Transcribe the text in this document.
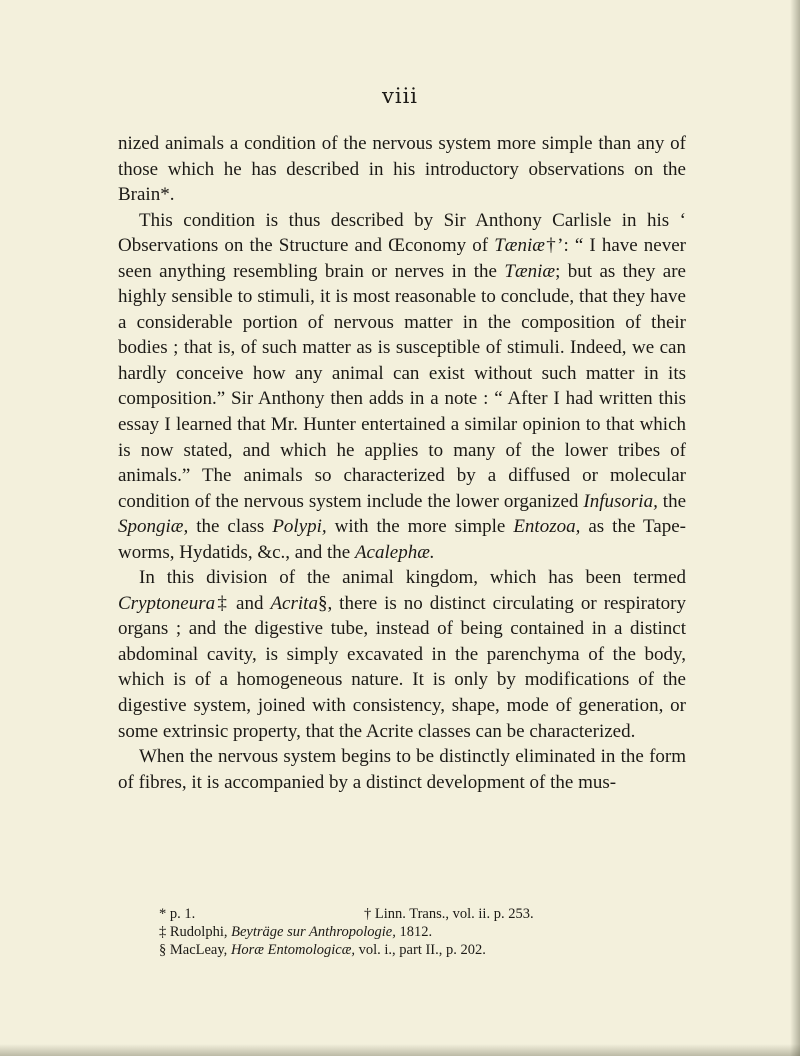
viii

nized animals a condition of the nervous system more simple than any of those which he has described in his introductory observations on the Brain*.

This condition is thus described by Sir Anthony Carlisle in his ‘ Observations on the Structure and Œconomy of Tæniæ†’: “ I have never seen anything resembling brain or nerves in the Tæniæ; but as they are highly sensible to stimuli, it is most reasonable to conclude, that they have a considerable portion of nervous matter in the composition of their bodies ; that is, of such matter as is susceptible of stimuli. Indeed, we can hardly conceive how any animal can exist without such matter in its composition.” Sir Anthony then adds in a note : “ After I had written this essay I learned that Mr. Hunter entertained a similar opinion to that which is now stated, and which he applies to many of the lower tribes of animals.” The animals so characterized by a diffused or molecular condition of the nervous system include the lower organized Infusoria, the Spongiæ, the class Polypi, with the more simple Entozoa, as the Tape-worms, Hydatids, &c., and the Acalephæ.

In this division of the animal kingdom, which has been termed Cryptoneura‡ and Acrita§, there is no distinct circulating or respiratory organs ; and the digestive tube, instead of being contained in a distinct abdominal cavity, is simply excavated in the parenchyma of the body, which is of a homogeneous nature. It is only by modifications of the digestive system, joined with consistency, shape, mode of generation, or some extrinsic property, that the Acrite classes can be characterized.

When the nervous system begins to be distinctly eliminated in the form of fibres, it is accompanied by a distinct development of the mus-

* p. 1.	† Linn. Trans., vol. ii. p. 253.
‡ Rudolphi, Beyträge sur Anthropologie, 1812.
§ MacLeay, Horæ Entomologicæ, vol. i., part II., p. 202.
